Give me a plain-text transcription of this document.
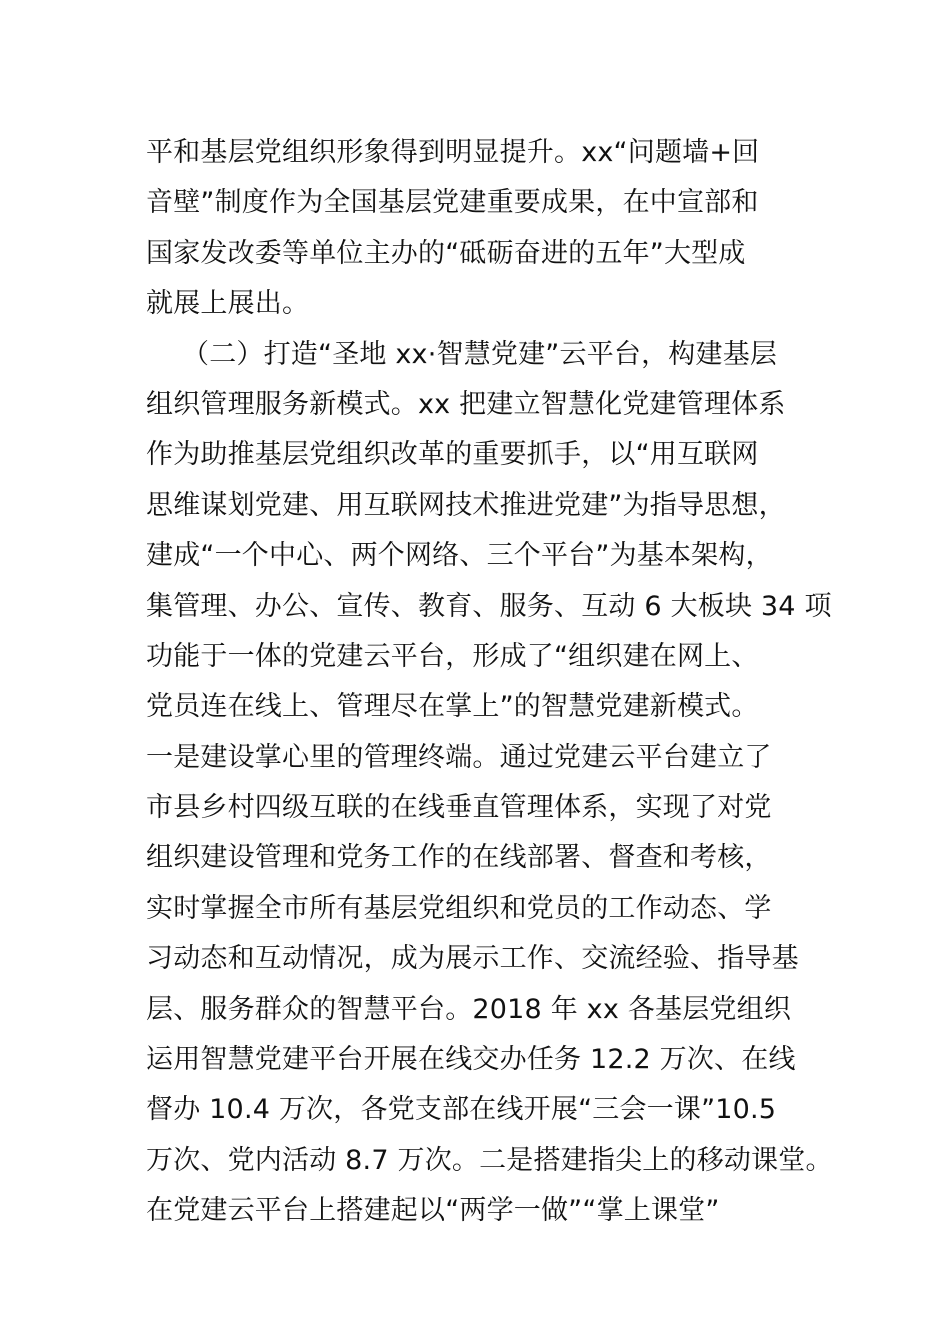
平和基层党组织形象得到明显提升。xx“问题墙+回
音壁”制度作为全国基层党建重要成果，在中宣部和
国家发改委等单位主办的“砥砺奋进的五年”大型成
就展上展出。
（二）打造“圣地 xx·智慧党建”云平台，构建基层
组织管理服务新模式。xx 把建立智慧化党建管理体系
作为助推基层党组织改革的重要抓手，以“用互联网
思维谋划党建、用互联网技术推进党建”为指导思想，
建成“一个中心、两个网络、三个平台”为基本架构，
集管理、办公、宣传、教育、服务、互动 6 大板块 34 项
功能于一体的党建云平台，形成了“组织建在网上、
党员连在线上、管理尽在掌上”的智慧党建新模式。
一是建设掌心里的管理终端。通过党建云平台建立了
市县乡村四级互联的在线垂直管理体系，实现了对党
组织建设管理和党务工作的在线部署、督查和考核，
实时掌握全市所有基层党组织和党员的工作动态、学
习动态和互动情况，成为展示工作、交流经验、指导基
层、服务群众的智慧平台。2018 年 xx 各基层党组织
运用智慧党建平台开展在线交办任务 12.2 万次、在线
督办 10.4 万次，各党支部在线开展“三会一课”10.5
万次、党内活动 8.7 万次。二是搭建指尖上的移动课堂。
在党建云平台上搭建起以“两学一做”“掌上课堂”
